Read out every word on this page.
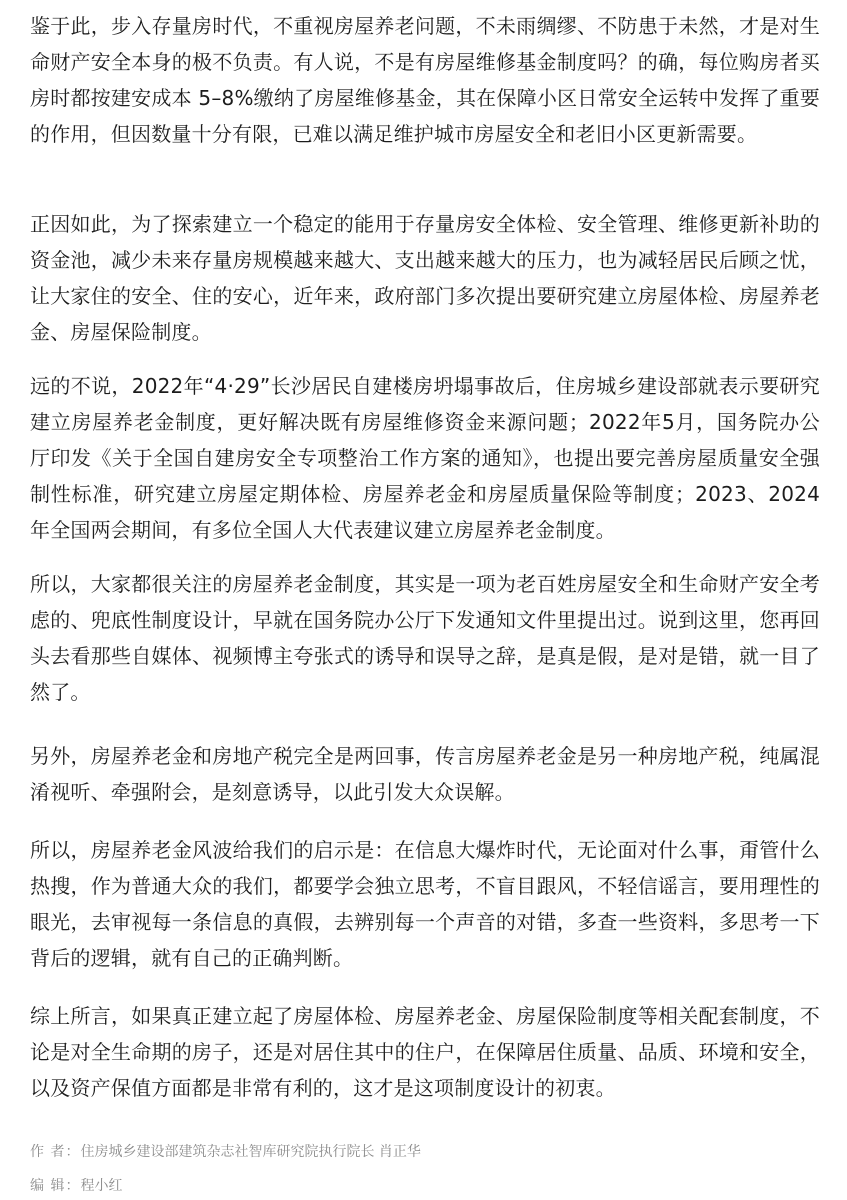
鉴于此，步入存量房时代，不重视房屋养老问题，不未雨绸缪、不防患于未然，才是对生命财产安全本身的极不负责。有人说，不是有房屋维修基金制度吗？的确，每位购房者买房时都按建安成本 5–8%缴纳了房屋维修基金，其在保障小区日常安全运转中发挥了重要的作用，但因数量十分有限，已难以满足维护城市房屋安全和老旧小区更新需要。

正因如此，为了探索建立一个稳定的能用于存量房安全体检、安全管理、维修更新补助的资金池，减少未来存量房规模越来越大、支出越来越大的压力，也为减轻居民后顾之忧，让大家住的安全、住的安心，近年来，政府部门多次提出要研究建立房屋体检、房屋养老金、房屋保险制度。

远的不说，2022年“4·29”长沙居民自建楼房坍塌事故后，住房城乡建设部就表示要研究建立房屋养老金制度，更好解决既有房屋维修资金来源问题；2022年5月，国务院办公厅印发《关于全国自建房安全专项整治工作方案的通知》，也提出要完善房屋质量安全强制性标准，研究建立房屋定期体检、房屋养老金和房屋质量保险等制度；2023、2024年全国两会期间，有多位全国人大代表建议建立房屋养老金制度。

所以，大家都很关注的房屋养老金制度，其实是一项为老百姓房屋安全和生命财产安全考虑的、兜底性制度设计，早就在国务院办公厅下发通知文件里提出过。说到这里，您再回头去看那些自媒体、视频博主夸张式的诱导和误导之辞，是真是假，是对是错，就一目了然了。

另外，房屋养老金和房地产税完全是两回事，传言房屋养老金是另一种房地产税，纯属混淆视听、牵强附会，是刻意诱导，以此引发大众误解。

所以，房屋养老金风波给我们的启示是：在信息大爆炸时代，无论面对什么事，甭管什么热搜，作为普通大众的我们，都要学会独立思考，不盲目跟风，不轻信谣言，要用理性的眼光，去审视每一条信息的真假，去辨别每一个声音的对错，多查一些资料，多思考一下背后的逻辑，就有自己的正确判断。

综上所言，如果真正建立起了房屋体检、房屋养老金、房屋保险制度等相关配套制度，不论是对全生命期的房子，还是对居住其中的住户，在保障居住质量、品质、环境和安全，以及资产保值方面都是非常有利的，这才是这项制度设计的初衷。

作 者：住房城乡建设部建筑杂志社智库研究院执行院长 肖正华

编 辑：程小红
